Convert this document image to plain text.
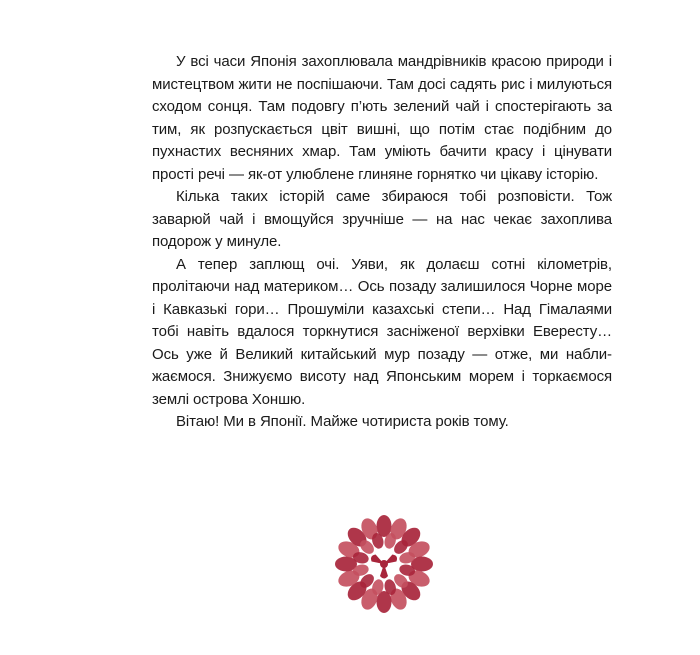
У всі часи Японія захоплювала мандрівників красою природи і мистецтвом жити не поспішаючи. Там досі садять рис і милуються сходом сонця. Там подовгу п’ють зелений чай і спостерігають за тим, як розпускається цвіт вишні, що потім стає подібним до пухнастих весняних хмар. Там уміють бачити красу і цінувати прості речі — як-от улюблене глиняне горнятко чи цікаву історію.

Кілька таких історій саме збираюся тобі розповісти. Тож заварюй чай і вмощуйся зручніше — на нас чекає захоплива подорож у минуле.

А тепер заплющ очі. Уяви, як долаєш сотні кілометрів, пролітаючи над материком… Ось позаду залишилося Чорне море і Кавказькі гори… Прошуміли казахські степи… Над Гімалаями тобі навіть вдалося торкнутися засніженої верхівки Евересту… Ось уже й Великий китайський мур позаду — отже, ми наближаємося. Знижуємо висоту над Японським морем і торкаємося землі острова Хоншю.

Вітаю! Ми в Японії. Майже чотириста років тому.
